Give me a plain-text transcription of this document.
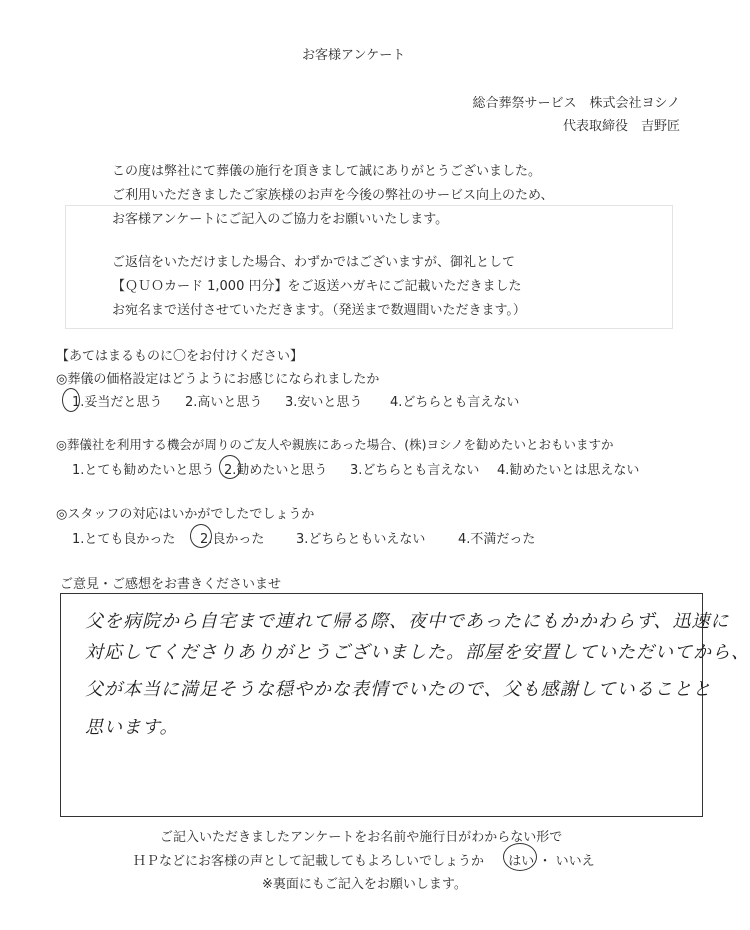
お客様アンケート
総合葬祭サービス　株式会社ヨシノ
代表取締役　吉野匠
この度は弊社にて葬儀の施行を頂きまして誠にありがとうございました。
ご利用いただきましたご家族様のお声を今後の弊社のサービス向上のため、
お客様アンケートにご記入のご協力をお願いいたします。
ご返信をいただけました場合、わずかではございますが、御礼として
【ＱＵＯカード 1,000 円分】をご返送ハガキにご記載いただきました
お宛名まで送付させていただきます。（発送まで数週間いただきます。）
【あてはまるものに〇をお付けください】
◎葬儀の価格設定はどうようにお感じになられましたか
1.妥当だと思う 2.高いと思う 3.安いと思う 4.どちらとも言えない
◎葬儀社を利用する機会が周りのご友人や親族にあった場合、(株)ヨシノを勧めたいとおもいますか
1.とても勧めたいと思う 2.勧めたいと思う 3.どちらとも言えない 4.勧めたいとは思えない
◎スタッフの対応はいかがでしたでしょうか
1.とても良かった 2.良かった 3.どちらともいえない	4.不満だった
ご意見・ご感想をお書きくださいませ
父を病院から自宅まで連れて帰る際、夜中であったにもかかわらず、迅速に
対応してくださりありがとうございました。部屋を安置していただいてから、
父が本当に満足そうな穏やかな表情でいたので、父も感謝していることと
思います。
ご記入いただきましたアンケートをお名前や施行日がわからない形で
ＨＰなどにお客様の声として記載してもよろしいでしょうか はい ・ いいえ
※裏面にもご記入をお願いします。
